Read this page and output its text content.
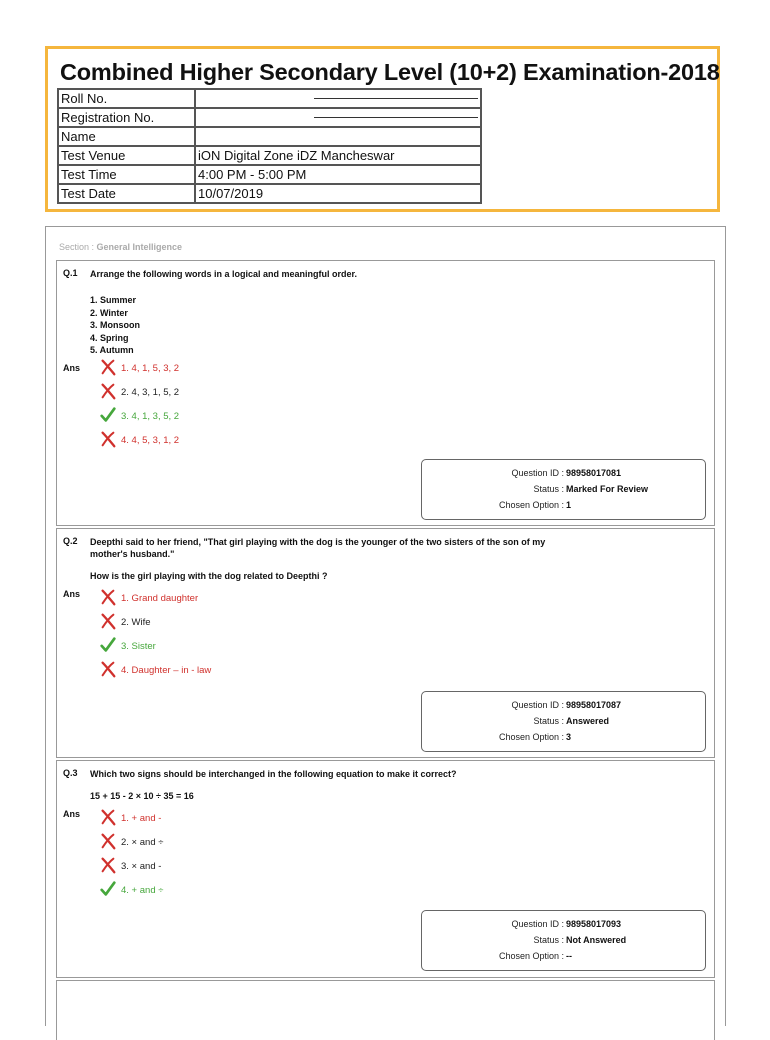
Combined Higher Secondary Level (10+2) Examination-2018
Roll No.	

Registration No.	

Name	
Test Venue	iON Digital Zone iDZ Mancheswar
Test Time	4:00 PM - 5:00 PM
Test Date	10/07/2019
Section : General Intelligence
Q.1 Arrange the following words in a logical and meaningful order.
1. Summer
2. Winter
3. Monsoon
4. Spring
5. Autumn
Ans	1. 4, 1, 5, 3, 2
2. 4, 3, 1, 5, 2
3. 4, 1, 3, 5, 2
4. 4, 5, 3, 1, 2
Question ID : 98958017081
Status : Marked For Review
Chosen Option : 1
Q.2 Deepthi said to her friend, "That girl playing with the dog is the younger of the two sisters of the son of my mother's husband."
How is the girl playing with the dog related to Deepthi ?
Ans	1. Grand daughter
2. Wife
3. Sister
4. Daughter – in - law
Question ID : 98958017087
Status : Answered
Chosen Option : 3
Q.3 Which two signs should be interchanged in the following equation to make it correct?
15 + 15 - 2 × 10 ÷ 35 = 16
Ans	1. + and -
2. × and ÷
3. × and -
4. + and ÷
Question ID : 98958017093
Status : Not Answered
Chosen Option : --
